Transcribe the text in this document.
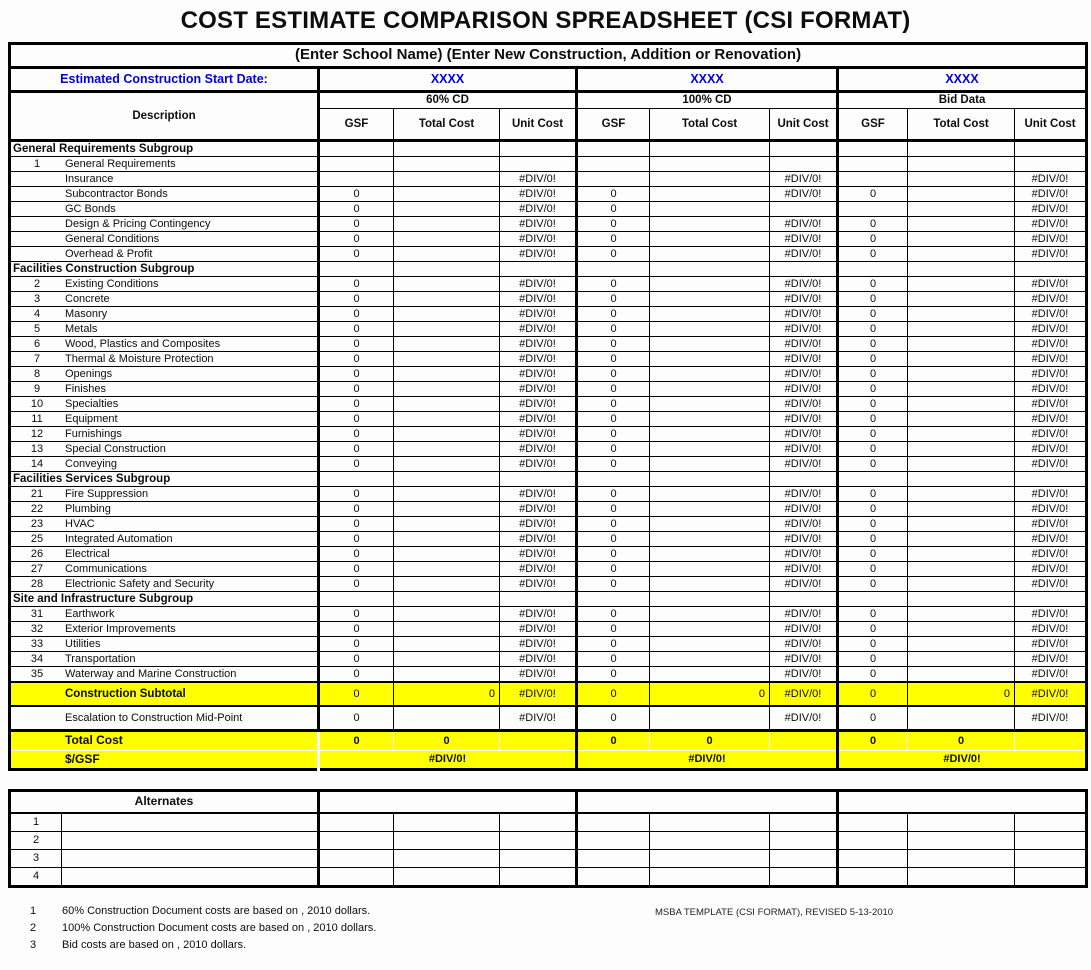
COST ESTIMATE COMPARISON SPREADSHEET (CSI FORMAT)
(Enter School Name) (Enter New Construction, Addition or Renovation)									
Estimated Construction Start Date:	XXXX			XXXX			XXXX		
Description	60% CD			100% CD			Bid Data		
	GSF	Total Cost	Unit Cost	GSF	Total Cost	Unit Cost	GSF	Total Cost	Unit Cost
General Requirements Subgroup									
1 General Requirements									
Insurance			#DIV/0!			#DIV/0!			#DIV/0!
Subcontractor Bonds	0		#DIV/0!	0		#DIV/0!	0		#DIV/0!
GC Bonds	0		#DIV/0!	0					#DIV/0!
Design & Pricing Contingency	0		#DIV/0!	0		#DIV/0!	0		#DIV/0!
General Conditions	0		#DIV/0!	0		#DIV/0!	0		#DIV/0!
Overhead & Profit	0		#DIV/0!	0		#DIV/0!	0		#DIV/0!
Facilities Construction Subgroup									
2 Existing Conditions	0		#DIV/0!	0		#DIV/0!	0		#DIV/0!
3 Concrete	0		#DIV/0!	0		#DIV/0!	0		#DIV/0!
4 Masonry	0		#DIV/0!	0		#DIV/0!	0		#DIV/0!
5 Metals	0		#DIV/0!	0		#DIV/0!	0		#DIV/0!
6 Wood, Plastics and Composites	0		#DIV/0!	0		#DIV/0!	0		#DIV/0!
7 Thermal & Moisture Protection	0		#DIV/0!	0		#DIV/0!	0		#DIV/0!
8 Openings	0		#DIV/0!	0		#DIV/0!	0		#DIV/0!
9 Finishes	0		#DIV/0!	0		#DIV/0!	0		#DIV/0!
10 Specialties	0		#DIV/0!	0		#DIV/0!	0		#DIV/0!
11 Equipment	0		#DIV/0!	0		#DIV/0!	0		#DIV/0!
12 Furnishings	0		#DIV/0!	0		#DIV/0!	0		#DIV/0!
13 Special Construction	0		#DIV/0!	0		#DIV/0!	0		#DIV/0!
14 Conveying	0		#DIV/0!	0		#DIV/0!	0		#DIV/0!
Facilities Services Subgroup									
21 Fire Suppression	0		#DIV/0!	0		#DIV/0!	0		#DIV/0!
22 Plumbing	0		#DIV/0!	0		#DIV/0!	0		#DIV/0!
23 HVAC	0		#DIV/0!	0		#DIV/0!	0		#DIV/0!
25 Integrated Automation	0		#DIV/0!	0		#DIV/0!	0		#DIV/0!
26 Electrical	0		#DIV/0!	0		#DIV/0!	0		#DIV/0!
27 Communications	0		#DIV/0!	0		#DIV/0!	0		#DIV/0!
28 Electrionic Safety and Security	0		#DIV/0!	0		#DIV/0!	0		#DIV/0!
Site and Infrastructure Subgroup									
31 Earthwork	0		#DIV/0!	0		#DIV/0!	0		#DIV/0!
32 Exterior Improvements	0		#DIV/0!	0		#DIV/0!	0		#DIV/0!
33 Utilities	0		#DIV/0!	0		#DIV/0!	0		#DIV/0!
34 Transportation	0		#DIV/0!	0		#DIV/0!	0		#DIV/0!
35 Waterway and Marine Construction	0		#DIV/0!	0		#DIV/0!	0		#DIV/0!
Construction Subtotal	0	0	#DIV/0!	0	0	#DIV/0!	0	0	#DIV/0!
Escalation to Construction Mid-Point	0		#DIV/0!	0		#DIV/0!	0		#DIV/0!
Total Cost	0	0		0	0		0	0	
$/GSF	#DIV/0!			#DIV/0!			#DIV/0!		
Alternates										
1										
2										
3										
4										
1 60% Construction Document costs are based on , 2010 dollars.	MSBA TEMPLATE (CSI FORMAT), REVISED 5-13-2010
2 100% Construction Document costs are based on , 2010 dollars.
3 Bid costs are based on , 2010 dollars.
